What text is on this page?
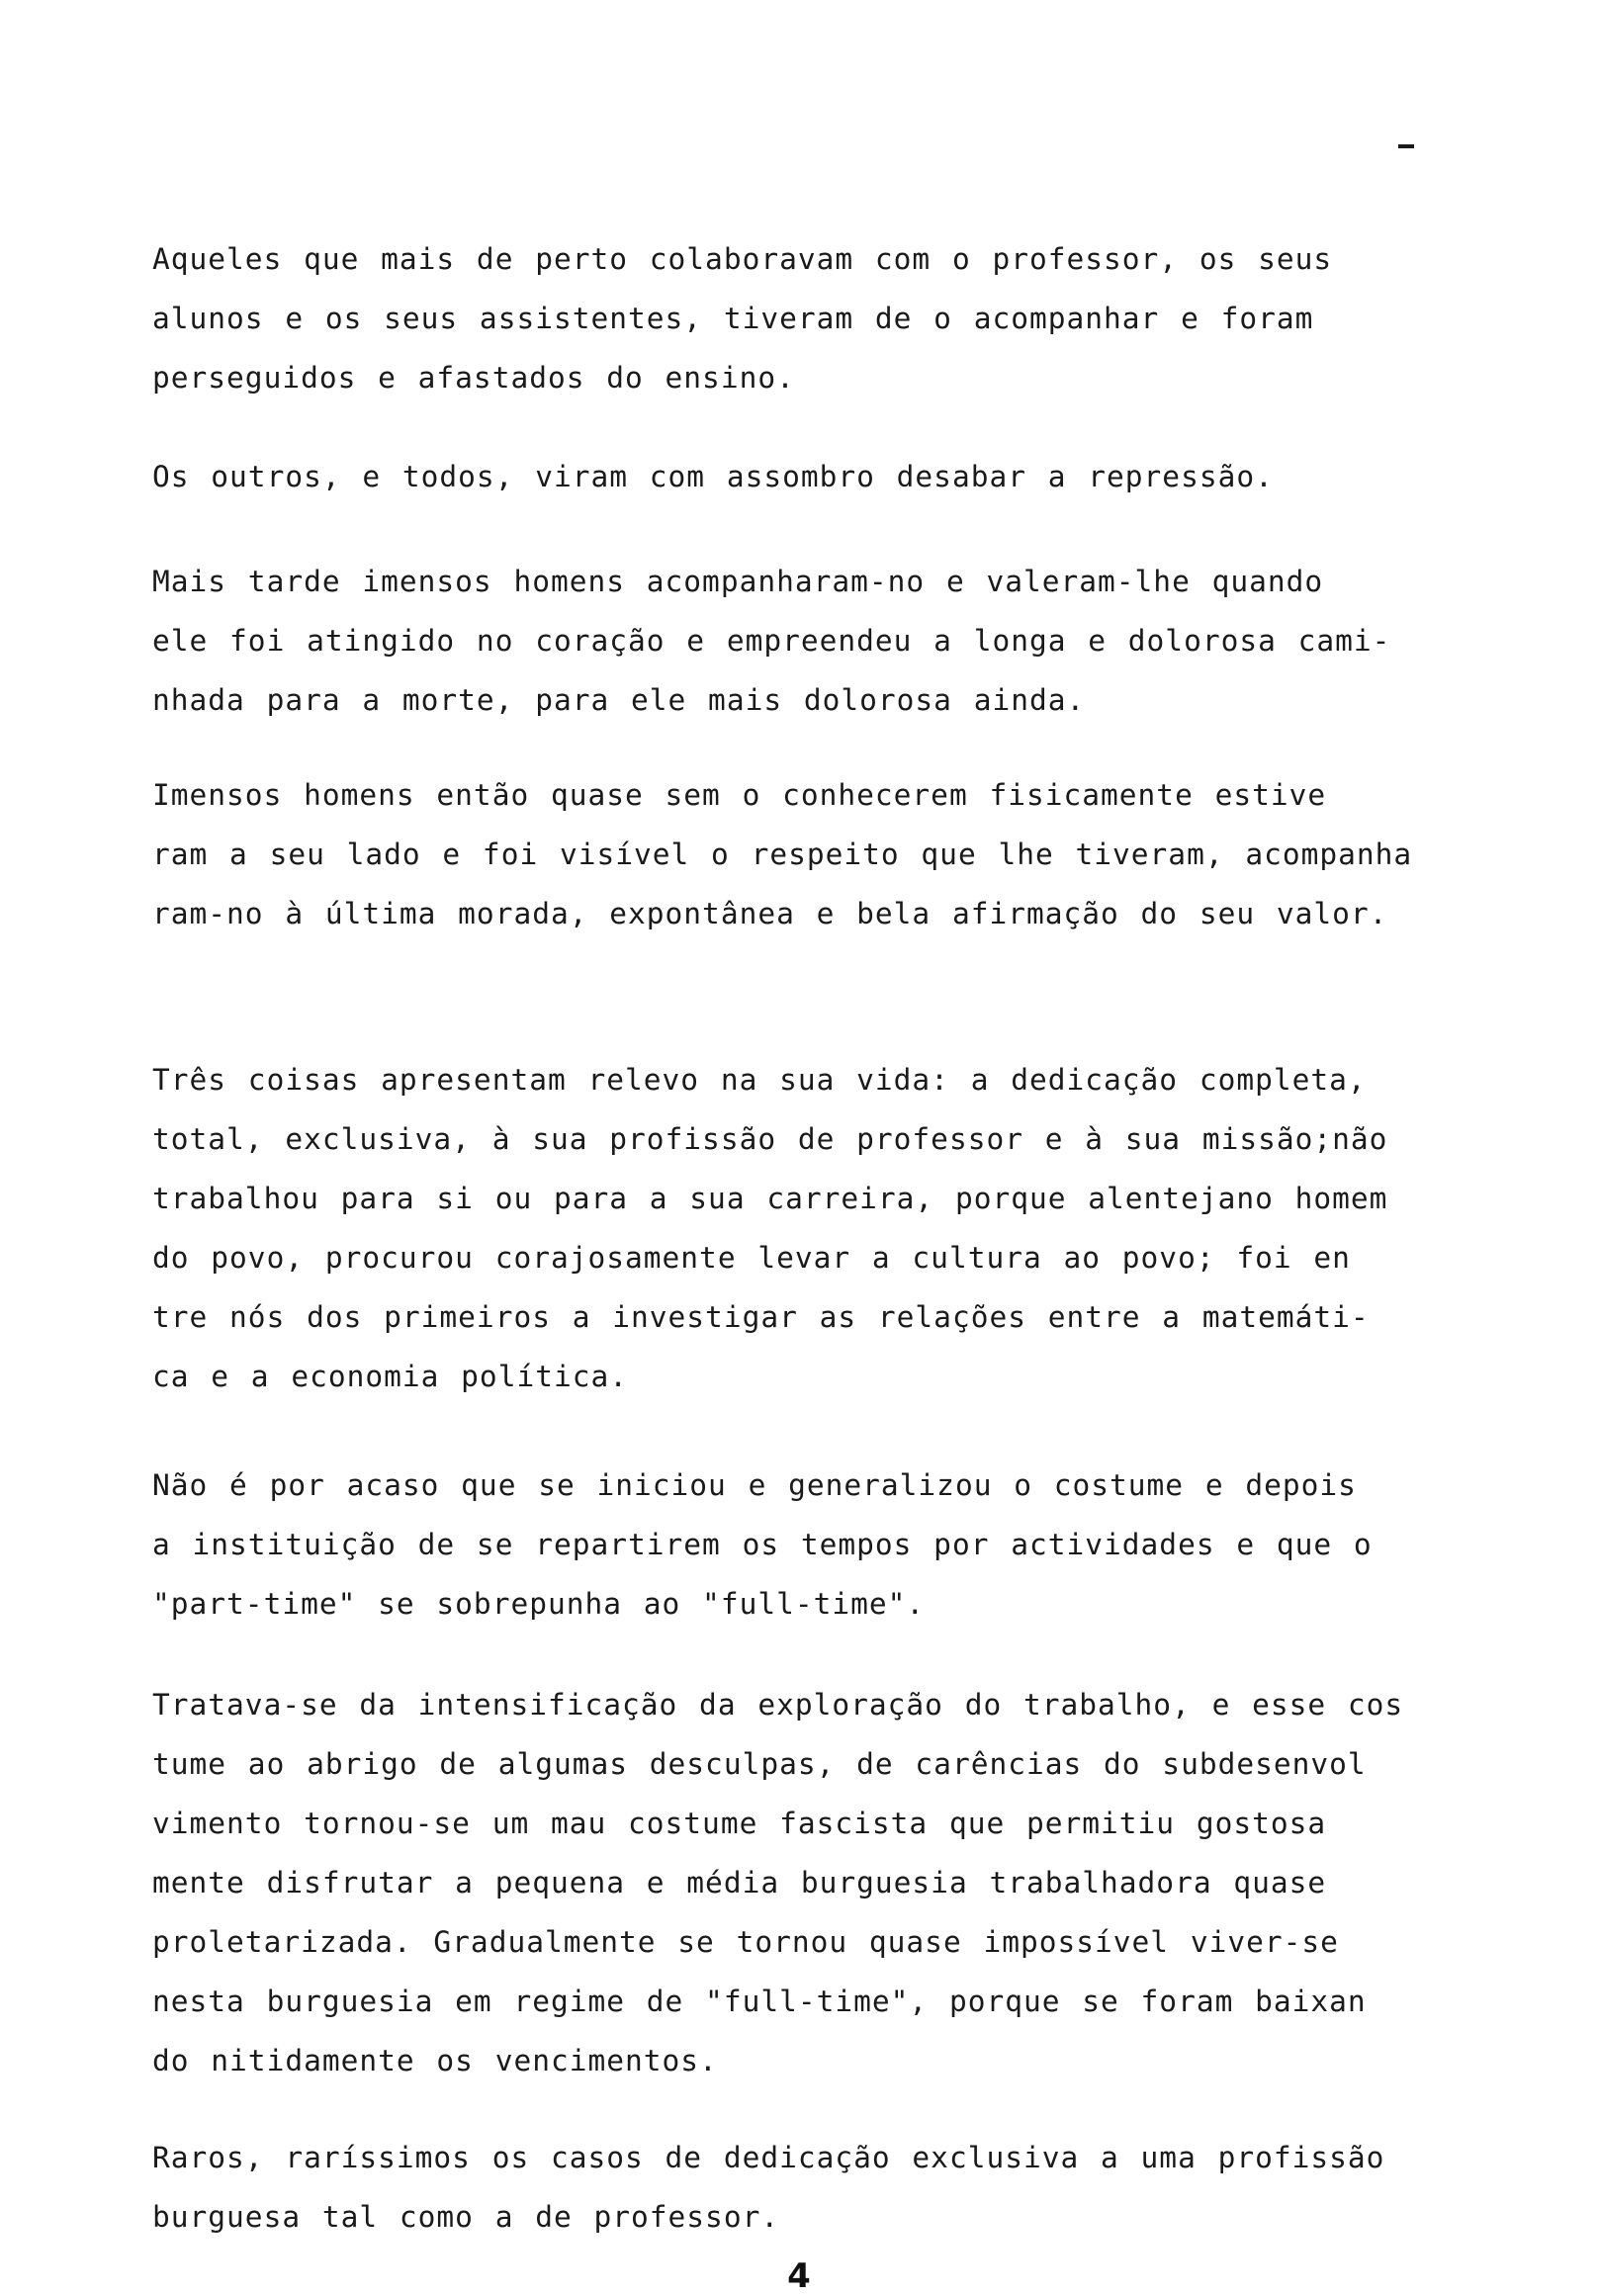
Aqueles que mais de perto colaboravam com o professor, os seus
alunos e os seus assistentes, tiveram de o acompanhar e foram
perseguidos e afastados do ensino.
Os outros, e todos, viram com assombro desabar a repressão.
Mais tarde imensos homens acompanharam-no e valeram-lhe quando
ele foi atingido no coração e empreendeu a longa e dolorosa cami-
nhada para a morte, para ele mais dolorosa ainda.
Imensos homens então quase sem o conhecerem fisicamente estive
ram a seu lado e foi visível o respeito que lhe tiveram, acompanha
ram-no à última morada, expontânea e bela afirmação do seu valor.
Três coisas apresentam relevo na sua vida: a dedicação completa,
total, exclusiva, à sua profissão de professor e à sua missão;não
trabalhou para si ou para a sua carreira, porque alentejano homem
do povo, procurou corajosamente levar a cultura ao povo; foi en
tre nós dos primeiros a investigar as relações entre a matemáti-
ca e a economia política.
Não é por acaso que se iniciou e generalizou o costume e depois
a instituição de se repartirem os tempos por actividades e que o
"part-time" se sobrepunha ao "full-time".
Tratava-se da intensificação da exploração do trabalho, e esse cos
tume ao abrigo de algumas desculpas, de carências do subdesenvol
vimento tornou-se um mau costume fascista que permitiu gostosa
mente disfrutar a pequena e média burguesia trabalhadora quase
proletarizada. Gradualmente se tornou quase impossível viver-se
nesta burguesia em regime de "full-time", porque se foram baixan
do nitidamente os vencimentos.
Raros, raríssimos os casos de dedicação exclusiva a uma profissão
burguesa tal como a de professor.
4
